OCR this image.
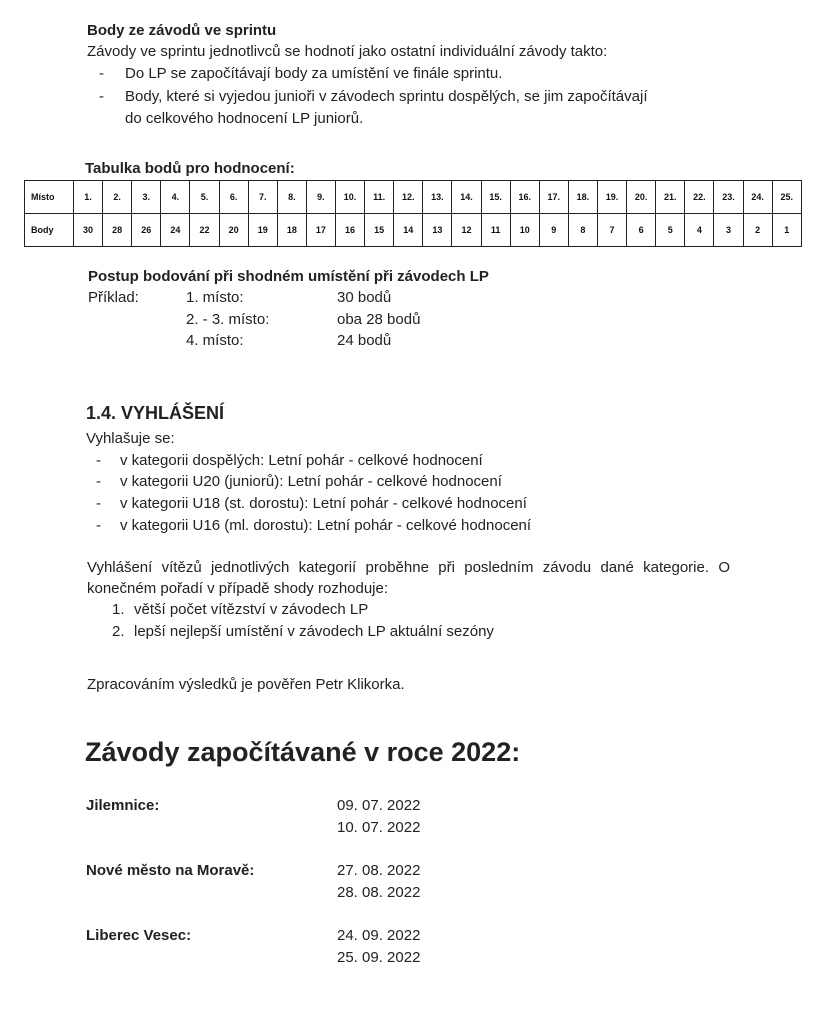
Body ze závodů ve sprintu

Závody ve sprintu jednotlivců se hodnotí jako ostatní individuální závody takto:

- Do LP se započítávají body za umístění ve finále sprintu.

- Body, které si vyjedou junioři v závodech sprintu dospělých, se jim započítávají

do celkového hodnocení LP juniorů.

Tabulka bodů pro hodnocení:

Místo	1.	2.	3.	4.	5.	6.	7.	8.	9.	10.	11.	12.	13.	14.	15.	16.	17.	18.	19.	20.	21.	22.	23.	24.	25.
Body	30	28	26	24	22	20	19	18	17	16	15	14	13	12	11	10	9	8	7	6	5	4	3	2	1

Postup bodování při shodném umístění při závodech LP

Příklad:	1. místo:	30 bodů

2. - 3. místo:	oba 28 bodů

4. místo:	24 bodů

1.4. VYHLÁŠENÍ

Vyhlašuje se:

- v kategorii dospělých: Letní pohár - celkové hodnocení

- v kategorii U20 (juniorů): Letní pohár - celkové hodnocení

- v kategorii U18 (st. dorostu): Letní pohár - celkové hodnocení

- v kategorii U16 (ml. dorostu): Letní pohár - celkové hodnocení

Vyhlášení vítězů jednotlivých kategorií proběhne při posledním závodu dané kategorie. O konečném pořadí v případě shody rozhoduje:

1. větší počet vítězství v závodech LP

2. lepší nejlepší umístění v závodech LP aktuální sezóny

Zpracováním výsledků je pověřen Petr Klikorka.

Závody započítávané v roce 2022:

Jilemnice:	09. 07. 2022

10. 07. 2022

Nové město na Moravě:	27. 08. 2022

28. 08. 2022

Liberec Vesec:	24. 09. 2022

25. 09. 2022
